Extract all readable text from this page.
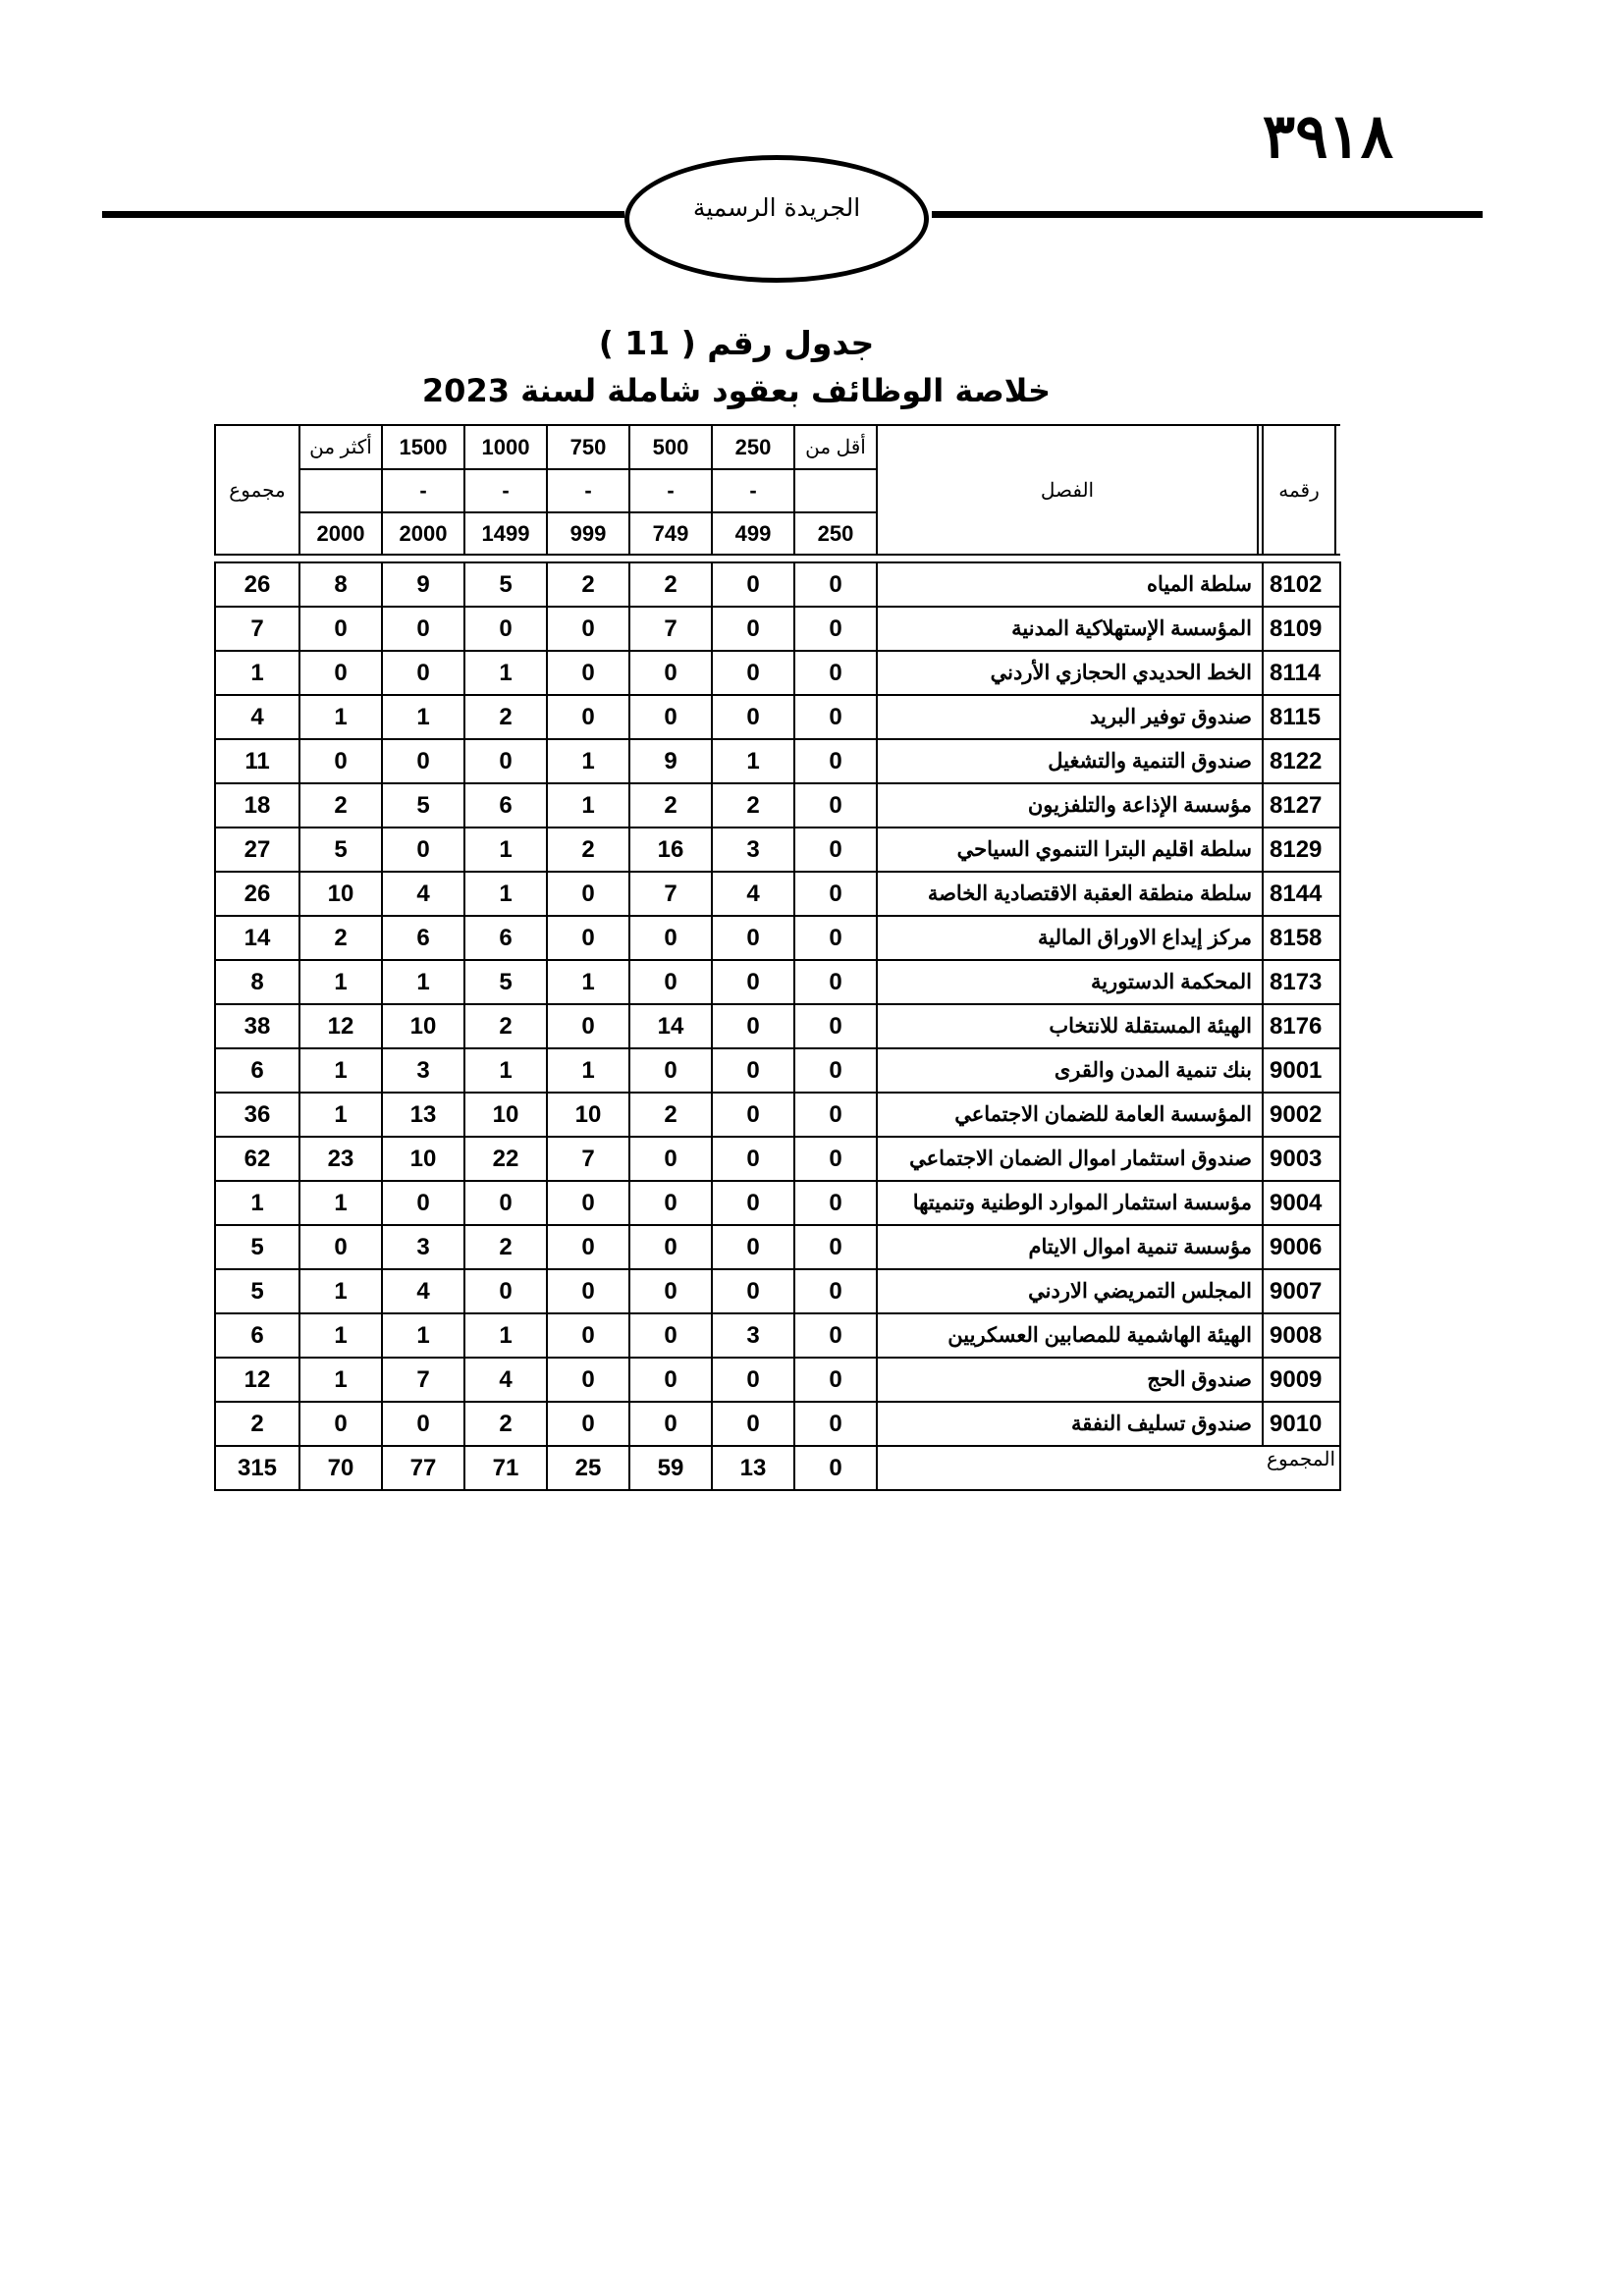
٣٩١٨
الجريدة الرسمية
جدول رقم ( 11 )
خلاصة الوظائف بعقود شاملة لسنة 2023
مجموع	أكثر من	1500	1000	750	500	250	أقل من	الفصل		رقمه	
		-	-	-	-	-					
	2000	2000	1499	999	749	499	250				

26	8	9	5	2	2	0	0	سلطة المياه		8102	
7	0	0	0	0	7	0	0	المؤسسة الإستهلاكية المدنية		8109	
1	0	0	1	0	0	0	0	الخط الحديدي الحجازي الأردني		8114	
4	1	1	2	0	0	0	0	صندوق توفير البريد		8115	
11	0	0	0	1	9	1	0	صندوق التنمية والتشغيل		8122	
18	2	5	6	1	2	2	0	مؤسسة الإذاعة والتلفزيون		8127	
27	5	0	1	2	16	3	0	سلطة اقليم البترا التنموي السياحي		8129	
26	10	4	1	0	7	4	0	سلطة منطقة العقبة الاقتصادية الخاصة		8144	
14	2	6	6	0	0	0	0	مركز إيداع الاوراق المالية		8158	
8	1	1	5	1	0	0	0	المحكمة الدستورية		8173	
38	12	10	2	0	14	0	0	الهيئة المستقلة للانتخاب		8176	
6	1	3	1	1	0	0	0	بنك تنمية المدن والقرى		9001	
36	1	13	10	10	2	0	0	المؤسسة العامة للضمان الاجتماعي		9002	
62	23	10	22	7	0	0	0	صندوق استثمار اموال الضمان الاجتماعي		9003	
1	1	0	0	0	0	0	0	مؤسسة استثمار الموارد الوطنية وتنميتها		9004	
5	0	3	2	0	0	0	0	مؤسسة تنمية اموال الايتام		9006	
5	1	4	0	0	0	0	0	المجلس التمريضي الاردني		9007	
6	1	1	1	0	0	3	0	الهيئة الهاشمية للمصابين العسكريين		9008	
12	1	7	4	0	0	0	0	صندوق الحج		9009	
2	0	0	2	0	0	0	0	صندوق تسليف النفقة		9010	
315	70	77	71	25	59	13	0	المجموع			
